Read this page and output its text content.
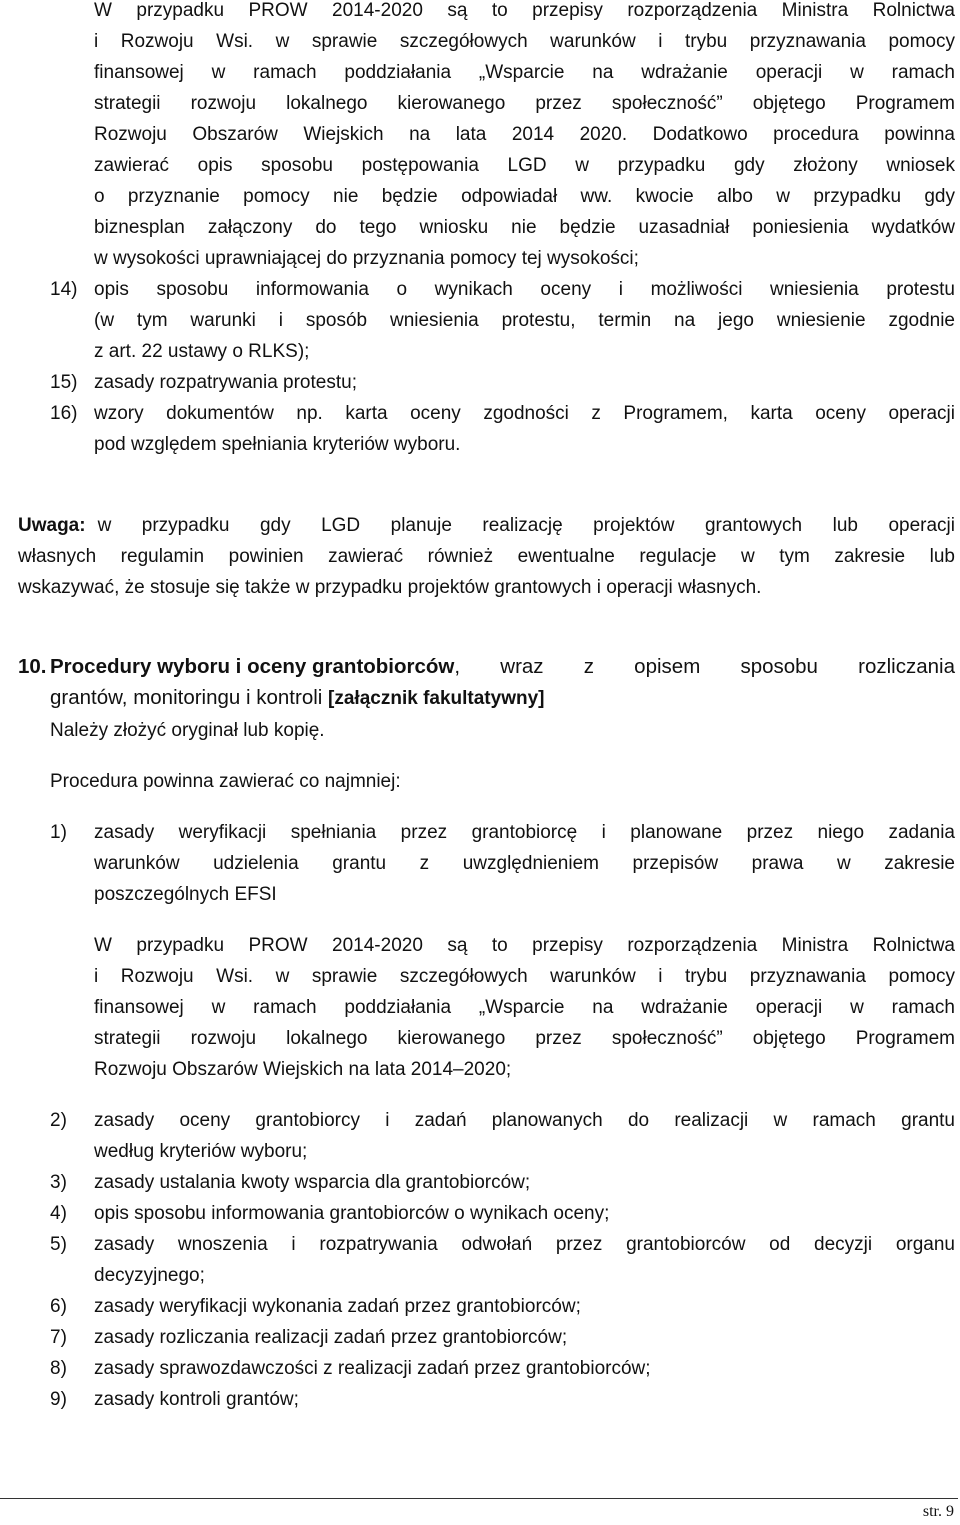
W przypadku PROW 2014-2020 są to przepisy rozporządzenia Ministra Rolnictwa
i Rozwoju Wsi. w sprawie szczegółowych warunków i trybu przyznawania pomocy
finansowej w ramach poddziałania „Wsparcie na wdrażanie operacji w ramach
strategii rozwoju lokalnego kierowanego przez społeczność” objętego Programem
Rozwoju Obszarów Wiejskich na lata 2014 2020. Dodatkowo procedura powinna
zawierać opis sposobu postępowania LGD w przypadku gdy złożony wniosek
o przyznanie pomocy nie będzie odpowiadał ww. kwocie albo w przypadku gdy
biznesplan załączony do tego wniosku nie będzie uzasadniał poniesienia wydatków
w wysokości uprawniającej do przyznania pomocy tej wysokości;
14) opis sposobu informowania o wynikach oceny i możliwości wniesienia protestu
(w tym warunki i sposób wniesienia protestu, termin na jego wniesienie zgodnie
z art. 22 ustawy o RLKS);
15) zasady rozpatrywania protestu;
16) wzory dokumentów np. karta oceny zgodności z Programem, karta oceny operacji
pod względem spełniania kryteriów wyboru.
Uwaga: w przypadku gdy LGD planuje realizację projektów grantowych lub operacji
własnych regulamin powinien zawierać również ewentualne regulacje w tym zakresie lub
wskazywać, że stosuje się także w przypadku projektów grantowych i operacji własnych.
10. Procedury wyboru i oceny grantobiorców , wraz z opisem sposobu rozliczania
grantów, monitoringu i kontroli [załącznik fakultatywny]
Należy złożyć oryginał lub kopię.
Procedura powinna zawierać co najmniej:
1) zasady weryfikacji spełniania przez grantobiorcę i planowane przez niego zadania
warunków udzielenia grantu z uwzględnieniem przepisów prawa w zakresie
poszczególnych EFSI
W przypadku PROW 2014-2020 są to przepisy rozporządzenia Ministra Rolnictwa
i Rozwoju Wsi. w sprawie szczegółowych warunków i trybu przyznawania pomocy
finansowej w ramach poddziałania „Wsparcie na wdrażanie operacji w ramach
strategii rozwoju lokalnego kierowanego przez społeczność” objętego Programem
Rozwoju Obszarów Wiejskich na lata 2014–2020;
2) zasady oceny grantobiorcy i zadań planowanych do realizacji w ramach grantu
według kryteriów wyboru;
3) zasady ustalania kwoty wsparcia dla grantobiorców;
4) opis sposobu informowania grantobiorców o wynikach oceny;
5) zasady wnoszenia i rozpatrywania odwołań przez grantobiorców od decyzji organu
decyzyjnego;
6) zasady weryfikacji wykonania zadań przez grantobiorców;
7) zasady rozliczania realizacji zadań przez grantobiorców;
8) zasady sprawozdawczości z realizacji zadań przez grantobiorców;
9) zasady kontroli grantów;
str. 9
